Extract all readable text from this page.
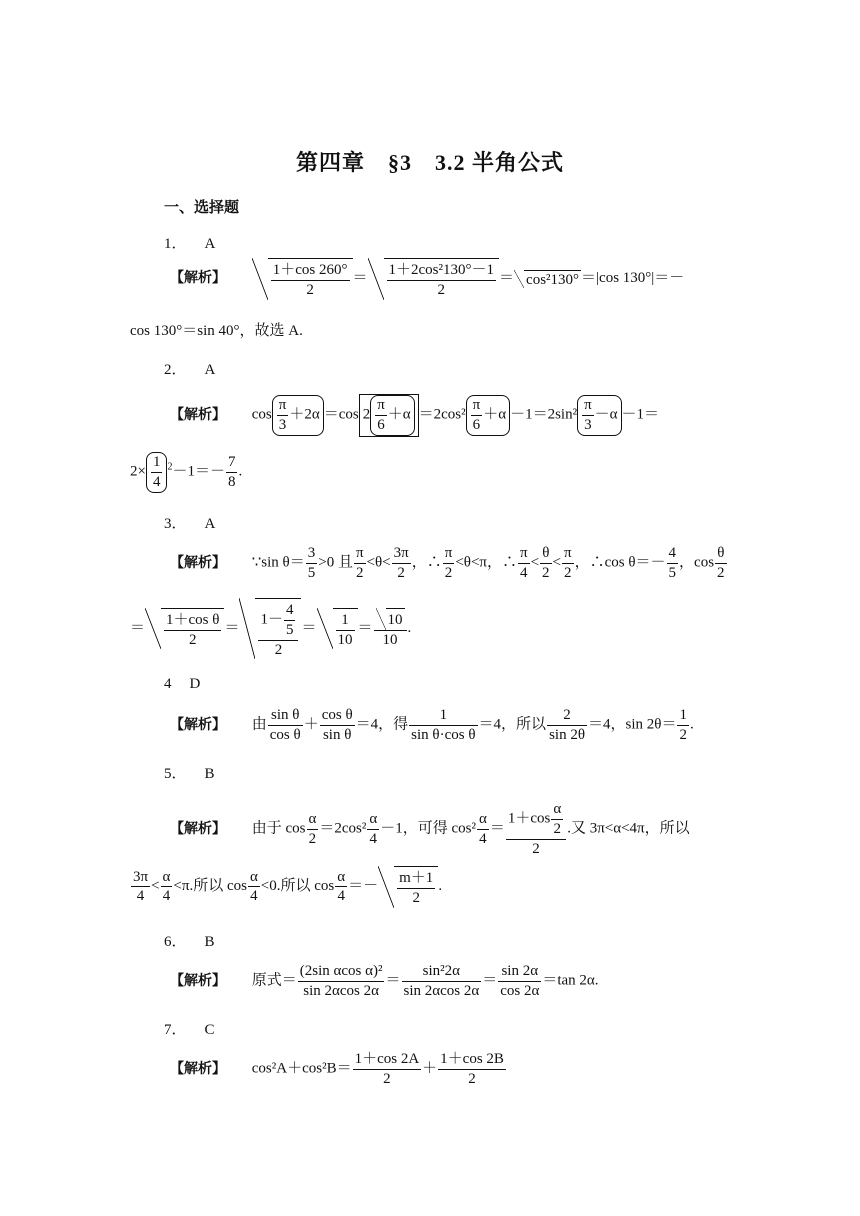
第四章　§3　3.2 半角公式
一、选择题
1． A
【解析】	$\frac{1+\cos 260^\circ}{2} = \frac{\text{1＋2cos²130°－1}}{2} = \cos^2130^\circ =|\cos$ 130°|＝－
cos 130°＝sin 40°，故选 A.
2． A
【解析】 $\cos \frac{\pi}{3} +2\alpha =\cos$ $2 \frac{\pi}{6} +\alpha =2\cos^2 \frac{\pi}{6} +\alpha -1=2\sin^2 \frac{\pi}{3} -\alpha -1=$
$2\times \frac{1}{4} ^2-1=- \frac{7}{8}$ .
3． A
【解析】 ∵sin $\theta= \frac{3}{5} >0$ 且 $\frac{\pi}{2} <\theta< \frac{3\pi}{2}$ ，∴ $\frac{\pi}{2} <\theta<\pi$，∴ $\frac{\pi}{4} < \frac{\theta}{2} < \frac{\pi}{2}$ ，∴cos $\theta=- \frac{4}{5}$ ，$\cos \frac{\theta}{2}$
＝ $\frac{\text{1＋cos θ}}{2} = \frac{1- \frac{4}{5}}{2} = \frac{1}{10} = \frac{10}{10}$ .
4 D
【解析】 由 $\frac{\text{sin θ}}{\text{cos θ}} + \frac{\text{cos θ}}{\text{sin θ}} =4$，得 $\frac{1}{\text{sin θ·cos θ}} =4$，所以 $\frac{2}{\sin 2\theta} =4$，$\sin 2\theta= \frac{1}{2}$ .
5． B
【解析】 由于 $\cos \frac{\alpha}{2} =2\cos^2 \frac{\alpha}{4} -1$，可得 $\cos^2 \frac{\alpha}{4} = \frac{1+\cos \frac{\alpha}{2}}{2}$ .又 3π<α<4π，所以
$\frac{3\pi}{4} < \frac{\alpha}{4} <\pi$.所以 $\cos \frac{\alpha}{4} <0$.所以 $\cos \frac{\alpha}{4} =- \frac{m+1}{2}$ .
6． B
【解析】 原式＝ $\frac{\text{(2sin αcos α)²}}{\sin 2\alpha\cos 2\alpha} = \frac{\text{sin²2α}}{\sin 2\alpha\cos 2\alpha} = \frac{\sin 2\alpha}{\cos 2\alpha} =\tan$ 2α.
7． C
【解析】 $\cos^2A+\cos^2B= \frac{1+\cos 2A}{2} + \frac{1+\cos 2B}{2}$
